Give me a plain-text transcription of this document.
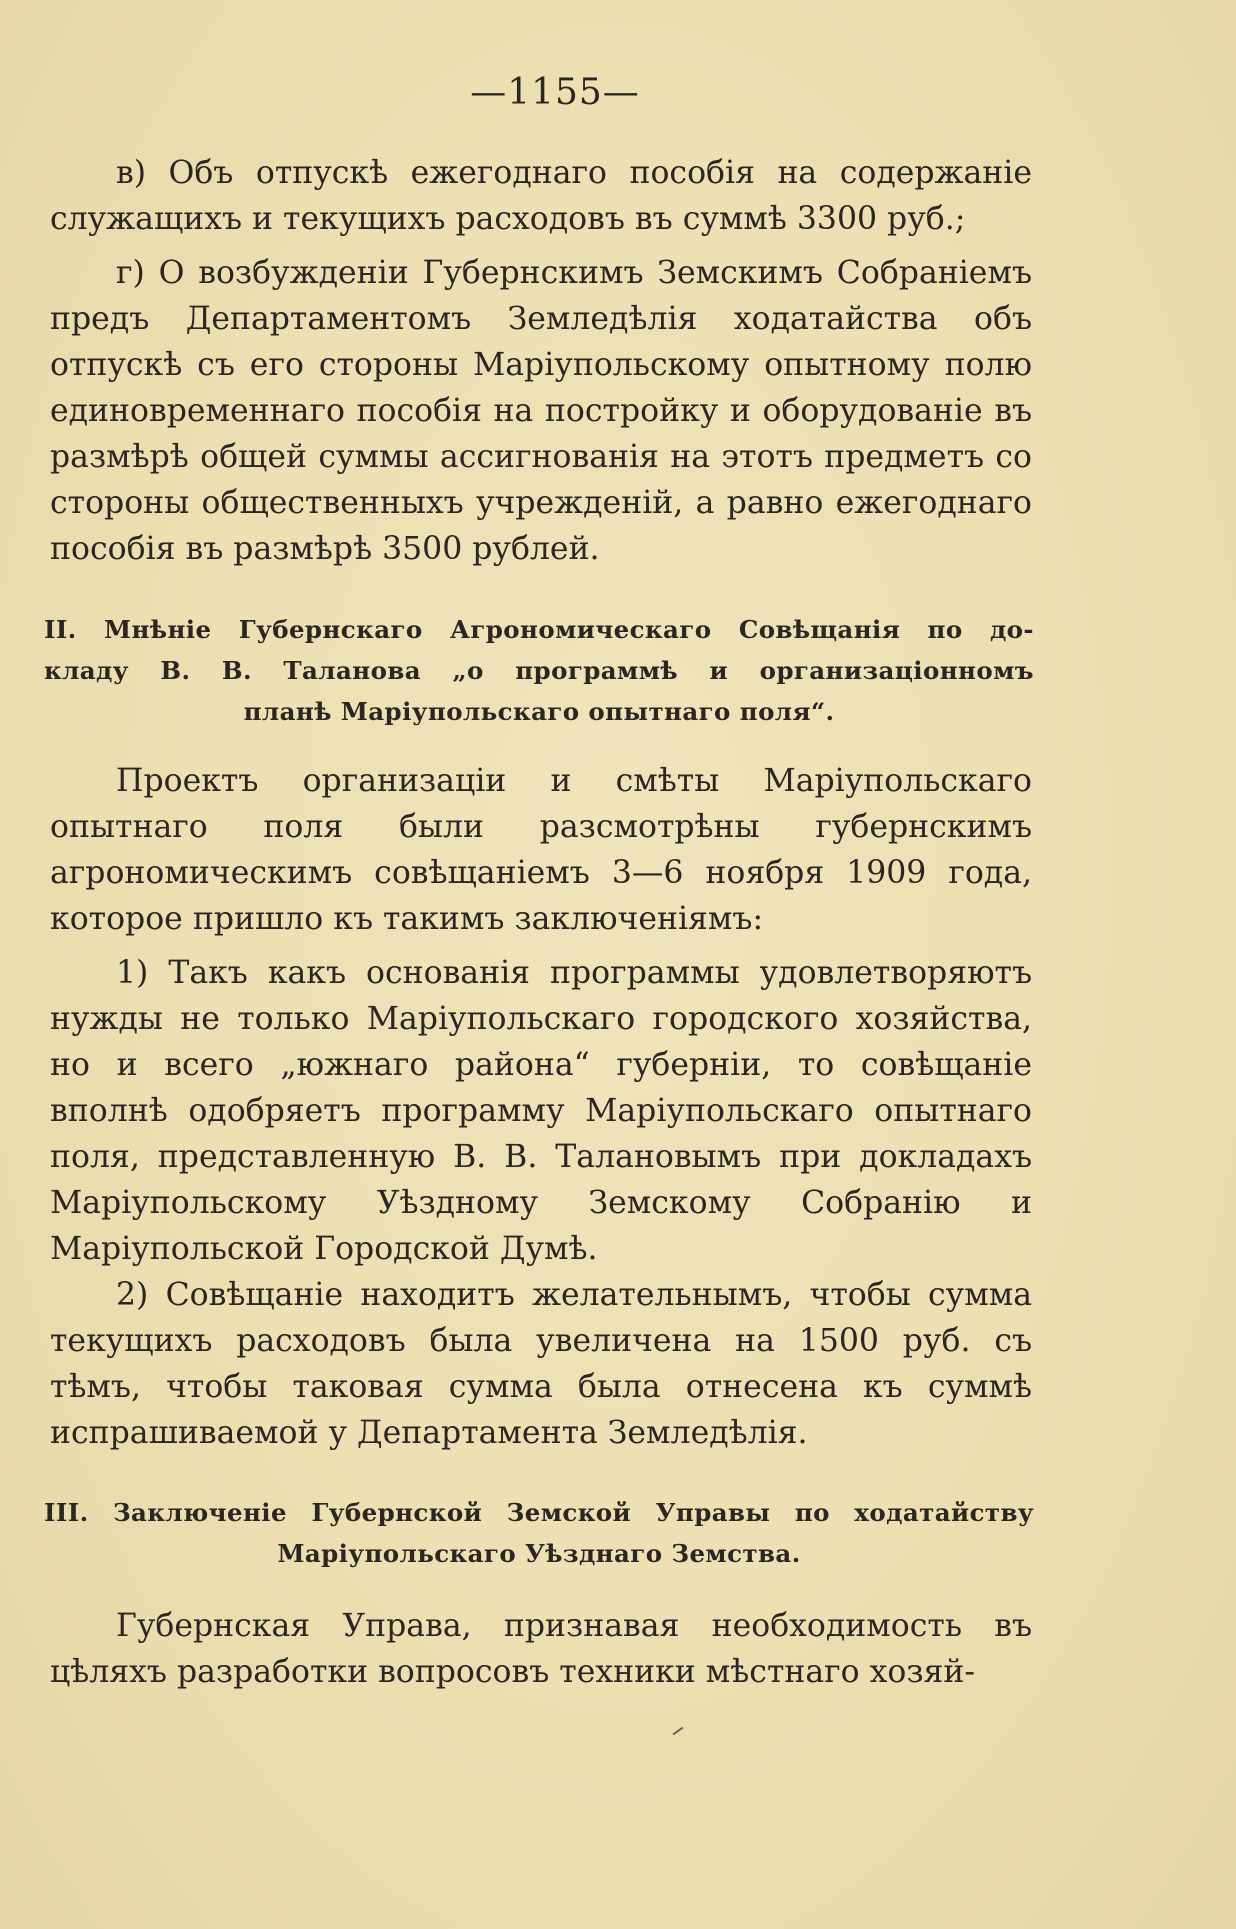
—1155—

в) Объ отпускѣ ежегоднаго пособія на содержаніе служащихъ и текущихъ расходовъ въ суммѣ 3300 руб.;

г) О возбужденіи Губернскимъ Земскимъ Собраніемъ предъ Департаментомъ Земледѣлія ходатайства объ отпускѣ съ его стороны Маріупольскому опытному полю единовременнаго пособія на постройку и оборудованіе въ размѣрѣ общей суммы ассигнованія на этотъ предметъ со стороны общественныхъ учрежденій, а равно ежегоднаго пособія въ размѣрѣ 3500 рублей.

II. Мнѣніе Губернскаго Агрономическаго Совѣщанія по до-

кладу В. В. Таланова „о программѣ и организаціонномъ

планѣ Маріупольскаго опытнаго поля“.

Проектъ организаціи и смѣты Маріупольскаго опытнаго поля были разсмотрѣны губернскимъ агрономическимъ совѣщаніемъ 3—6 ноября 1909 года, которое пришло къ такимъ заключеніямъ:

1) Такъ какъ основанія программы удовлетворяютъ нужды не только Маріупольскаго городского хозяйства, но и всего „южнаго района“ губерніи, то совѣщаніе вполнѣ одобряетъ программу Маріупольскаго опытнаго поля, представленную В. В. Талановымъ при докладахъ Маріупольскому Уѣздному Земскому Собранію и Маріупольской Городской Думѣ.

2) Совѣщаніе находитъ желательнымъ, чтобы сумма текущихъ расходовъ была увеличена на 1500 руб. съ тѣмъ, чтобы таковая сумма была отнесена къ суммѣ испрашиваемой у Департамента Земледѣлія.

III. Заключеніе Губернской Земской Управы по ходатайству

Маріупольскаго Уѣзднаго Земства.

Губернская Управа, признавая необходимость въ цѣляхъ разработки вопросовъ техники мѣстнаго хозяй-
